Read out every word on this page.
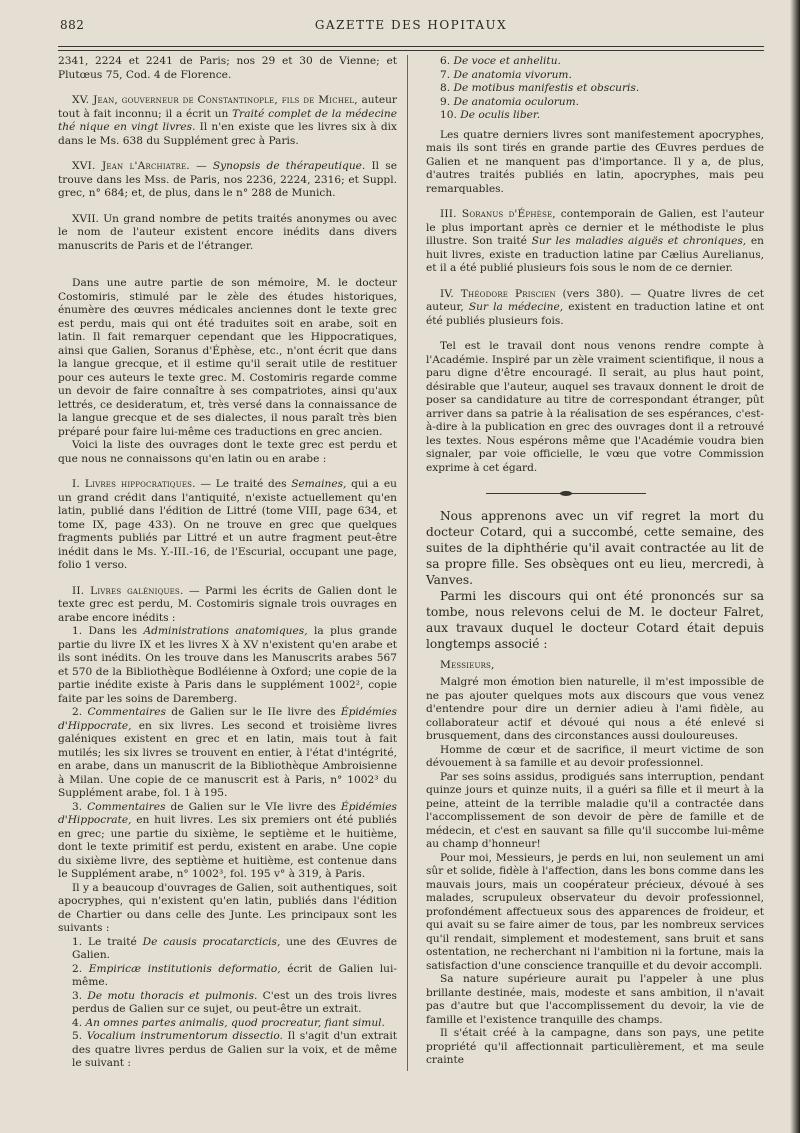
882	GAZETTE DES HOPITAUX

2341, 2224 et 2241 de Paris; nos 29 et 30 de Vienne; et Plutœus 75, Cod. 4 de Florence.

XV. Jean, gouverneur de Constantinople, fils de Michel, auteur tout à fait inconnu; il a écrit un Traité complet de la médecine thé nique en vingt livres. Il n'en existe que les livres six à dix dans le Ms. 638 du Supplément grec à Paris.

XVI. Jean l'Archiatre. — Synopsis de thérapeutique. Il se trouve dans les Mss. de Paris, nos 2236, 2224, 2316; et Suppl. grec, n° 684; et, de plus, dans le n° 288 de Munich.

XVII. Un grand nombre de petits traités anonymes ou avec le nom de l'auteur existent encore inédits dans divers manuscrits de Paris et de l'étranger.

Dans une autre partie de son mémoire, M. le docteur Costomiris, stimulé par le zèle des études historiques, énumère des œuvres médicales anciennes dont le texte grec est perdu, mais qui ont été traduites soit en arabe, soit en latin. Il fait remarquer cependant que les Hippocratiques, ainsi que Galien, Soranus d'Éphèse, etc., n'ont écrit que dans la langue grecque, et il estime qu'il serait utile de restituer pour ces auteurs le texte grec. M. Costomiris regarde comme un devoir de faire connaître à ses compatriotes, ainsi qu'aux lettrés, ce desideratum, et, très versé dans la connaissance de la langue grecque et de ses dialectes, il nous paraît très bien préparé pour faire lui-même ces traductions en grec ancien.

Voici la liste des ouvrages dont le texte grec est perdu et que nous ne connaissons qu'en latin ou en arabe :

I. Livres hippocratiques. — Le traité des Semaines, qui a eu un grand crédit dans l'antiquité, n'existe actuellement qu'en latin, publié dans l'édition de Littré (tome VIII, page 634, et tome IX, page 433). On ne trouve en grec que quelques fragments publiés par Littré et un autre fragment peut-être inédit dans le Ms. Y.-III.-16, de l'Escurial, occupant une page, folio 1 verso.

II. Livres galéniques. — Parmi les écrits de Galien dont le texte grec est perdu, M. Costomiris signale trois ouvrages en arabe encore inédits :

1. Dans les Administrations anatomiques, la plus grande partie du livre IX et les livres X à XV n'existent qu'en arabe et ils sont inédits. On les trouve dans les Manuscrits arabes 567 et 570 de la Bibliothèque Bodléienne à Oxford; une copie de la partie inédite existe à Paris dans le supplément 1002², copie faite par les soins de Daremberg.

2. Commentaires de Galien sur le IIe livre des Épidémies d'Hippocrate, en six livres. Les second et troisième livres galéniques existent en grec et en latin, mais tout à fait mutilés; les six livres se trouvent en entier, à l'état d'intégrité, en arabe, dans un manuscrit de la Bibliothèque Ambroisienne à Milan. Une copie de ce manuscrit est à Paris, n° 1002³ du Supplément arabe, fol. 1 à 195.

3. Commentaires de Galien sur le VIe livre des Épidémies d'Hippocrate, en huit livres. Les six premiers ont été publiés en grec; une partie du sixième, le septième et le huitième, dont le texte primitif est perdu, existent en arabe. Une copie du sixième livre, des septième et huitième, est contenue dans le Supplément arabe, n° 1002³, fol. 195 v° à 319, à Paris.

Il y a beaucoup d'ouvrages de Galien, soit authentiques, soit apocryphes, qui n'existent qu'en latin, publiés dans l'édition de Chartier ou dans celle des Junte. Les principaux sont les suivants :

1. Le traité De causis procatarcticis, une des Œuvres de Galien.

2. Empiricæ institutionis deformatio, écrit de Galien lui-même.

3. De motu thoracis et pulmonis. C'est un des trois livres perdus de Galien sur ce sujet, ou peut-être un extrait.

4. An omnes partes animalis, quod procreatur, fiant simul.

5. Vocalium instrumentorum dissectio. Il s'agit d'un extrait des quatre livres perdus de Galien sur la voix, et de même le suivant :

6. De voce et anhelitu.

7. De anatomia vivorum.

8. De motibus manifestis et obscuris.

9. De anatomia oculorum.

10. De oculis liber.

Les quatre derniers livres sont manifestement apocryphes, mais ils sont tirés en grande partie des Œuvres perdues de Galien et ne manquent pas d'importance. Il y a, de plus, d'autres traités publiés en latin, apocryphes, mais peu remarquables.

III. Soranus d'Éphèse, contemporain de Galien, est l'auteur le plus important après ce dernier et le méthodiste le plus illustre. Son traité Sur les maladies aiguës et chroniques, en huit livres, existe en traduction latine par Cælius Aurelianus, et il a été publié plusieurs fois sous le nom de ce dernier.

IV. Théodore Priscien (vers 380). — Quatre livres de cet auteur, Sur la médecine, existent en traduction latine et ont été publiés plusieurs fois.

Tel est le travail dont nous venons rendre compte à l'Académie. Inspiré par un zèle vraiment scientifique, il nous a paru digne d'être encouragé. Il serait, au plus haut point, désirable que l'auteur, auquel ses travaux donnent le droit de poser sa candidature au titre de correspondant étranger, pût arriver dans sa patrie à la réalisation de ses espérances, c'est-à-dire à la publication en grec des ouvrages dont il a retrouvé les textes. Nous espérons même que l'Académie voudra bien signaler, par voie officielle, le vœu que votre Commission exprime à cet égard.

Nous apprenons avec un vif regret la mort du docteur Cotard, qui a succombé, cette semaine, des suites de la diphthérie qu'il avait contractée au lit de sa propre fille. Ses obsèques ont eu lieu, mercredi, à Vanves.

Parmi les discours qui ont été prononcés sur sa tombe, nous relevons celui de M. le docteur Falret, aux travaux duquel le docteur Cotard était depuis longtemps associé :

Messieurs,

Malgré mon émotion bien naturelle, il m'est impossible de ne pas ajouter quelques mots aux discours que vous venez d'entendre pour dire un dernier adieu à l'ami fidèle, au collaborateur actif et dévoué qui nous a été enlevé si brusquement, dans des circonstances aussi douloureuses.

Homme de cœur et de sacrifice, il meurt victime de son dévouement à sa famille et au devoir professionnel.

Par ses soins assidus, prodigués sans interruption, pendant quinze jours et quinze nuits, il a guéri sa fille et il meurt à la peine, atteint de la terrible maladie qu'il a contractée dans l'accomplissement de son devoir de père de famille et de médecin, et c'est en sauvant sa fille qu'il succombe lui-même au champ d'honneur!

Pour moi, Messieurs, je perds en lui, non seulement un ami sûr et solide, fidèle à l'affection, dans les bons comme dans les mauvais jours, mais un coopérateur précieux, dévoué à ses malades, scrupuleux observateur du devoir professionnel, profondément affectueux sous des apparences de froideur, et qui avait su se faire aimer de tous, par les nombreux services qu'il rendait, simplement et modestement, sans bruit et sans ostentation, ne recherchant ni l'ambition ni la fortune, mais la satisfaction d'une conscience tranquille et du devoir accompli.

Sa nature supérieure aurait pu l'appeler à une plus brillante destinée, mais, modeste et sans ambition, il n'avait pas d'autre but que l'accomplissement du devoir, la vie de famille et l'existence tranquille des champs.

Il s'était créé à la campagne, dans son pays, une petite propriété qu'il affectionnait particulièrement, et ma seule crainte
